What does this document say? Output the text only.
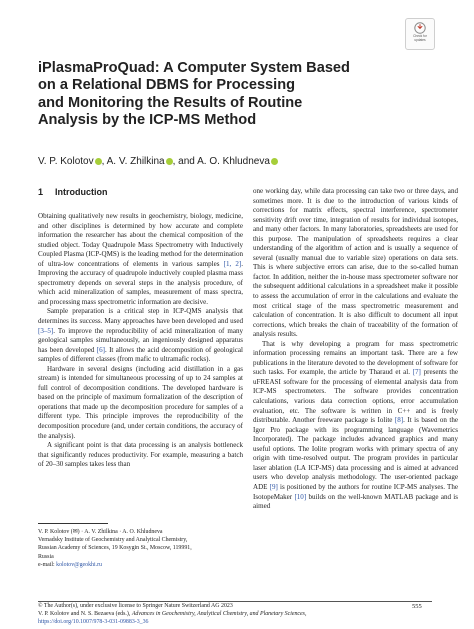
Check for
updates
iPlasmaProQuad: A Computer System Based
on a Relational DBMS for Processing
and Monitoring the Results of Routine
Analysis by the ICP-MS Method
V. P. Kolotov , A. V. Zhilkina , and A. O. Khludneva
1 Introduction

Obtaining qualitatively new results in geochemistry, biology, medicine, and other disciplines is determined by how accurate and complete information the researcher has about the chemical composition of the studied object. Today Quadrupole Mass Spectrometry with Inductively Coupled Plasma (ICP-QMS) is the leading method for the determination of ultra-low concentrations of elements in various samples [1, 2]. Improving the accuracy of quadrupole inductively coupled plasma mass spectrometry depends on several steps in the analysis procedure, of which acid mineralization of samples, measurement of mass spectra, and processing mass spectrometric information are decisive.

Sample preparation is a critical step in ICP-QMS analysis that determines its success. Many approaches have been developed and used [3–5]. To improve the reproducibility of acid mineralization of many geological samples simultaneously, an ingeniously designed apparatus has been developed [6]. It allows the acid decomposition of geological samples of different classes (from mafic to ultramafic rocks).

Hardware in several designs (including acid distillation in a gas stream) is intended for simultaneous processing of up to 24 samples at full control of decomposition conditions. The developed hardware is based on the principle of maximum formalization of the description of operations that made up the decomposition procedure for samples of a different type. This principle improves the reproducibility of the decomposition procedure (and, under certain conditions, the accuracy of the analysis).

A significant point is that data processing is an analysis bottleneck that significantly reduces productivity. For example, measuring a batch of 20–30 samples takes less than

one working day, while data processing can take two or three days, and sometimes more. It is due to the introduction of various kinds of corrections for matrix effects, spectral interference, spectrometer sensitivity drift over time, integration of results for individual isotopes, and many other factors. In many laboratories, spreadsheets are used for this purpose. The manipulation of spreadsheets requires a clear understanding of the algorithm of action and is usually a sequence of several (usually manual due to variable size) operations on data sets. This is where subjective errors can arise, due to the so-called human factor. In addition, neither the in-house mass spectrometer software nor the subsequent additional calculations in a spreadsheet make it possible to assess the accumulation of error in the calculations and evaluate the most critical stage of the mass spectrometric measurement and calculation of concentration. It is also difficult to document all input corrections, which breaks the chain of traceability of the formation of analysis results.

That is why developing a program for mass spectrometric information processing remains an important task. There are a few publications in the literature devoted to the development of software for such tasks. For example, the article by Tharaud et al. [7] presents the uFREASI software for the processing of elemental analysis data from ICP-MS spectrometers. The software provides concentration calculations, various data correction options, error accumulation evaluation, etc. The software is written in C++ and is freely distributable. Another freeware package is Iolite [8]. It is based on the Igor Pro package with its programming language (Wavemetrics Incorporated). The package includes advanced graphics and many useful options. The Iolite program works with primary spectra of any origin with time-resolved output. The program provides in particular laser ablation (LA ICP-MS) data processing and is aimed at advanced users who develop analysis methodology. The user-oriented package ADE [9] is positioned by the authors for routine ICP-MS analyses. The IsotopeMaker [10] builds on the well-known MATLAB package and is aimed

V. P. Kolotov (✉) · A. V. Zhilkina · A. O. Khludneva
Vernadsky Institute of Geochemistry and Analytical Chemistry,
Russian Academy of Sciences, 19 Kosygin St., Moscow, 119991,
Russia
e-mail: kolotov@geokhi.ru
© The Author(s), under exclusive license to Springer Nature Switzerland AG 2023
V. P. Kolotov and N. S. Bezaeva (eds.), Advances in Geochemistry, Analytical Chemistry, and Planetary Sciences,
https://doi.org/10.1007/978-3-031-09883-3_36
555
